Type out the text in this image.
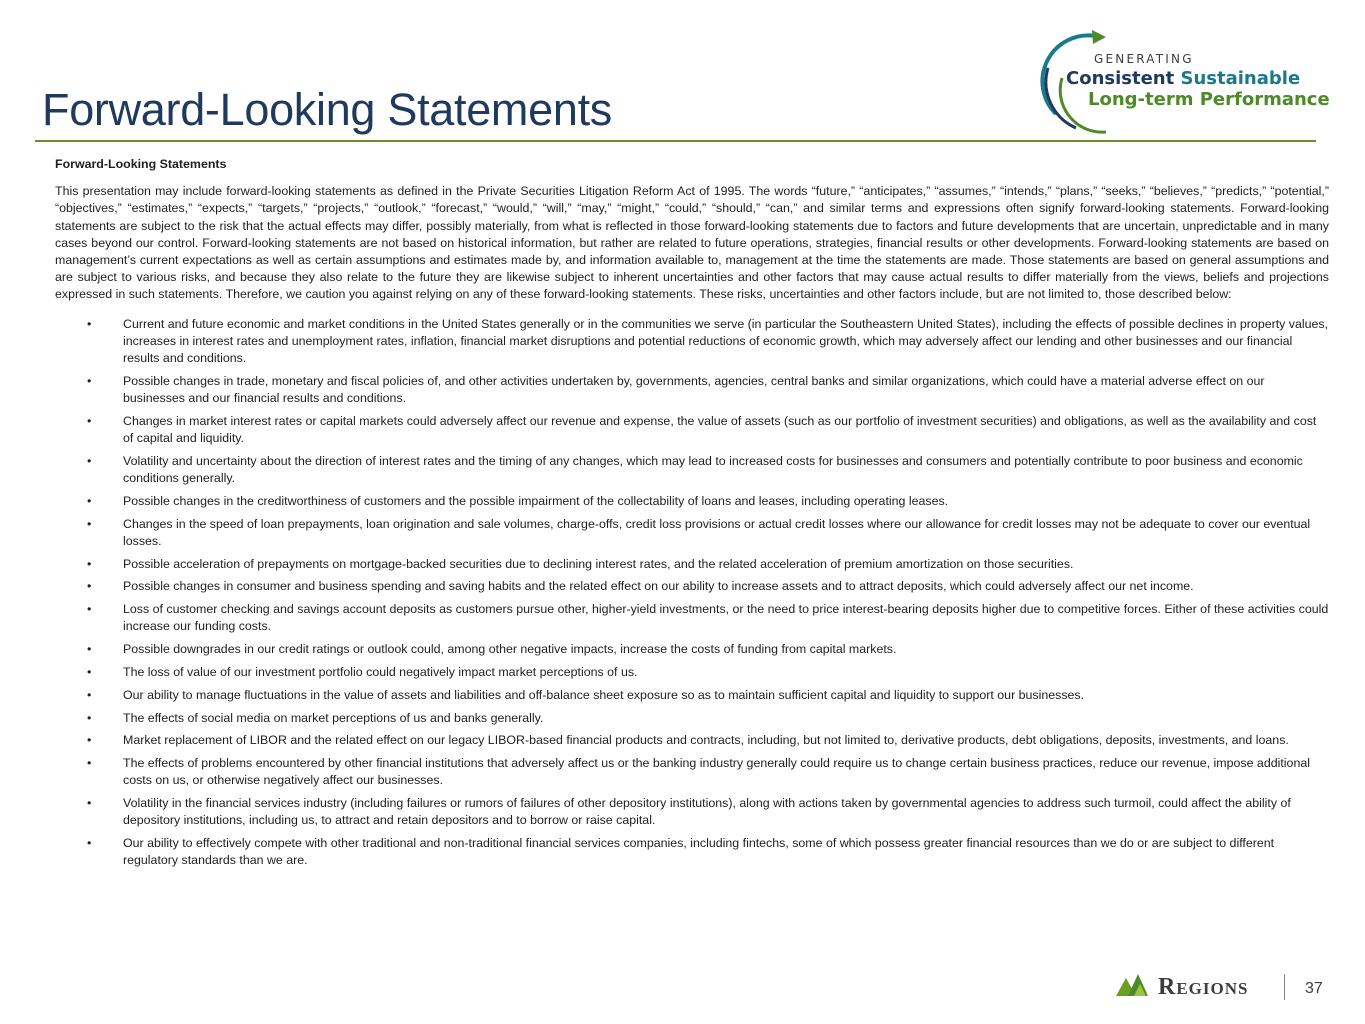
Forward-Looking Statements
GENERATING
Consistent Sustainable
Long-term Performance
Forward-Looking Statements

This presentation may include forward-looking statements as defined in the Private Securities Litigation Reform Act of 1995. The words “future,” “anticipates,” “assumes,” “intends,” “plans,” “seeks,” “believes,” “predicts,” “potential,” “objectives,” “estimates,” “expects,” “targets,” “projects,” “outlook,” “forecast,” “would,” “will,” “may,” “might,” “could,” “should,” “can,” and similar terms and expressions often signify forward-looking statements. Forward-looking statements are subject to the risk that the actual effects may differ, possibly materially, from what is reflected in those forward-looking statements due to factors and future developments that are uncertain, unpredictable and in many cases beyond our control. Forward-looking statements are not based on historical information, but rather are related to future operations, strategies, financial results or other developments. Forward-looking statements are based on management’s current expectations as well as certain assumptions and estimates made by, and information available to, management at the time the statements are made. Those statements are based on general assumptions and are subject to various risks, and because they also relate to the future they are likewise subject to inherent uncertainties and other factors that may cause actual results to differ materially from the views, beliefs and projections expressed in such statements. Therefore, we caution you against relying on any of these forward-looking statements. These risks, uncertainties and other factors include, but are not limited to, those described below:

•	Current and future economic and market conditions in the United States generally or in the communities we serve (in particular the Southeastern United States), including the effects of possible declines in property values, increases in interest rates and unemployment rates, inflation, financial market disruptions and potential reductions of economic growth, which may adversely affect our lending and other businesses and our financial results and conditions.
•	Possible changes in trade, monetary and fiscal policies of, and other activities undertaken by, governments, agencies, central banks and similar organizations, which could have a material adverse effect on our businesses and our financial results and conditions.
•	Changes in market interest rates or capital markets could adversely affect our revenue and expense, the value of assets (such as our portfolio of investment securities) and obligations, as well as the availability and cost of capital and liquidity.
•	Volatility and uncertainty about the direction of interest rates and the timing of any changes, which may lead to increased costs for businesses and consumers and potentially contribute to poor business and economic conditions generally.
•	Possible changes in the creditworthiness of customers and the possible impairment of the collectability of loans and leases, including operating leases.
•	Changes in the speed of loan prepayments, loan origination and sale volumes, charge-offs, credit loss provisions or actual credit losses where our allowance for credit losses may not be adequate to cover our eventual losses.
•	Possible acceleration of prepayments on mortgage-backed securities due to declining interest rates, and the related acceleration of premium amortization on those securities.
•	Possible changes in consumer and business spending and saving habits and the related effect on our ability to increase assets and to attract deposits, which could adversely affect our net income.
•	Loss of customer checking and savings account deposits as customers pursue other, higher-yield investments, or the need to price interest-bearing deposits higher due to competitive forces. Either of these activities could increase our funding costs.
•	Possible downgrades in our credit ratings or outlook could, among other negative impacts, increase the costs of funding from capital markets.
•	The loss of value of our investment portfolio could negatively impact market perceptions of us.
•	Our ability to manage fluctuations in the value of assets and liabilities and off-balance sheet exposure so as to maintain sufficient capital and liquidity to support our businesses.
•	The effects of social media on market perceptions of us and banks generally.
•	Market replacement of LIBOR and the related effect on our legacy LIBOR-based financial products and contracts, including, but not limited to, derivative products, debt obligations, deposits, investments, and loans.
•	The effects of problems encountered by other financial institutions that adversely affect us or the banking industry generally could require us to change certain business practices, reduce our revenue, impose additional costs on us, or otherwise negatively affect our businesses.
•	Volatility in the financial services industry (including failures or rumors of failures of other depository institutions), along with actions taken by governmental agencies to address such turmoil, could affect the ability of depository institutions, including us, to attract and retain depositors and to borrow or raise capital.
•	Our ability to effectively compete with other traditional and non-traditional financial services companies, including fintechs, some of which possess greater financial resources than we do or are subject to different regulatory standards than we are.
Regions	37
